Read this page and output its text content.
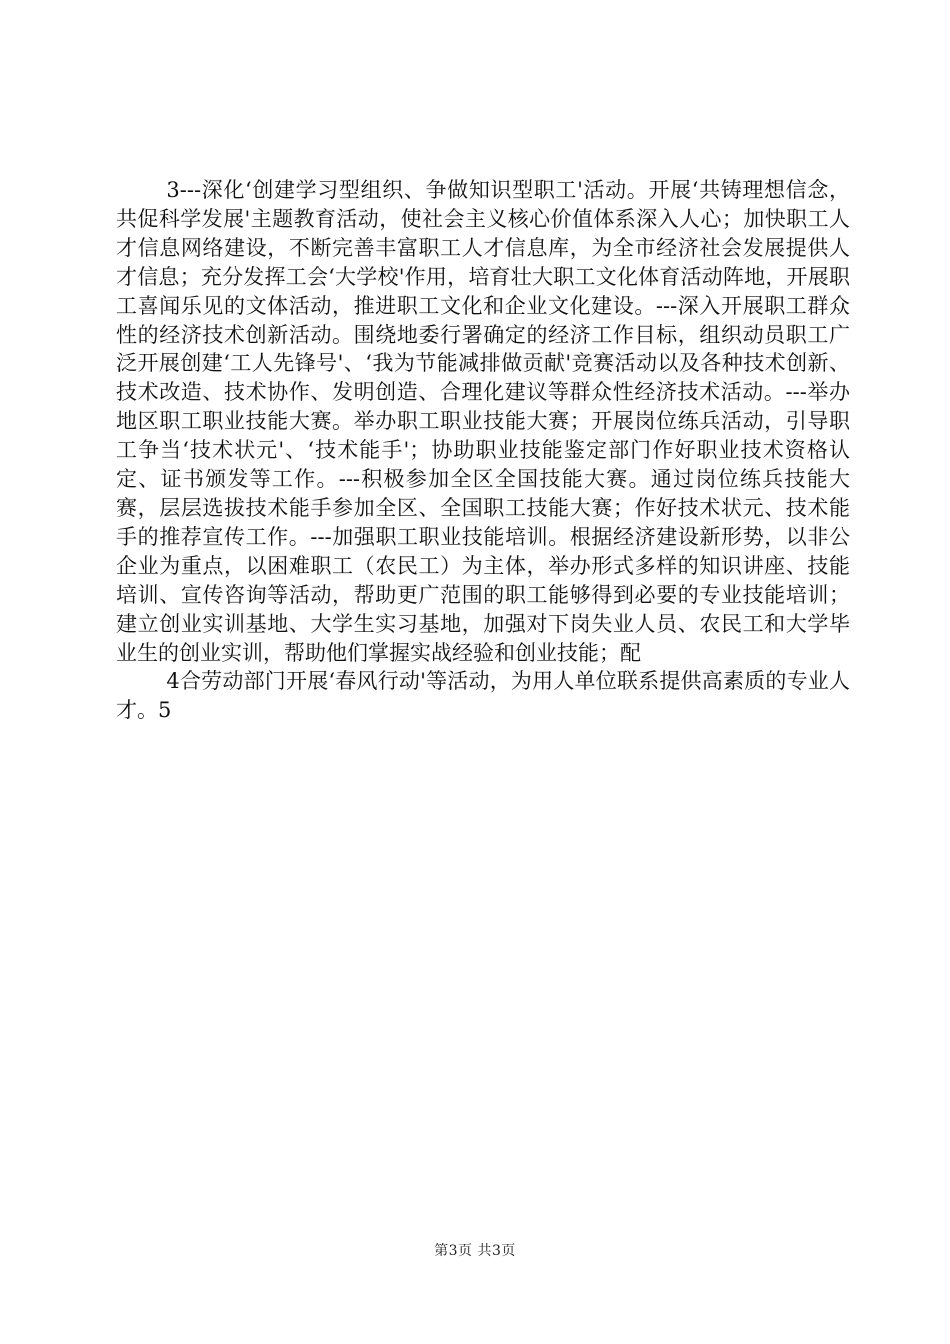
3---深化‘创建学习型组织、争做知识型职工'活动。开展‘共铸理想信念，共促科学发展'主题教育活动，使社会主义核心价值体系深入人心；加快职工人才信息网络建设，不断完善丰富职工人才信息库，为全市经济社会发展提供人才信息；充分发挥工会‘大学校'作用，培育壮大职工文化体育活动阵地，开展职工喜闻乐见的文体活动，推进职工文化和企业文化建设。---深入开展职工群众性的经济技术创新活动。围绕地委行署确定的经济工作目标，组织动员职工广泛开展创建‘工人先锋号'、‘我为节能减排做贡献'竞赛活动以及各种技术创新、技术改造、技术协作、发明创造、合理化建议等群众性经济技术活动。---举办地区职工职业技能大赛。举办职工职业技能大赛；开展岗位练兵活动，引导职工争当‘技术状元'、‘技术能手'；协助职业技能鉴定部门作好职业技术资格认定、证书颁发等工作。---积极参加全区全国技能大赛。通过岗位练兵技能大赛，层层选拔技术能手参加全区、全国职工技能大赛；作好技术状元、技术能手的推荐宣传工作。---加强职工职业技能培训。根据经济建设新形势，以非公企业为重点，以困难职工（农民工）为主体，举办形式多样的知识讲座、技能培训、宣传咨询等活动，帮助更广范围的职工能够得到必要的专业技能培训；建立创业实训基地、大学生实习基地，加强对下岗失业人员、农民工和大学毕业生的创业实训，帮助他们掌握实战经验和创业技能；配

4合劳动部门开展‘春风行动'等活动，为用人单位联系提供高素质的专业人才。5

第3页 共3页
